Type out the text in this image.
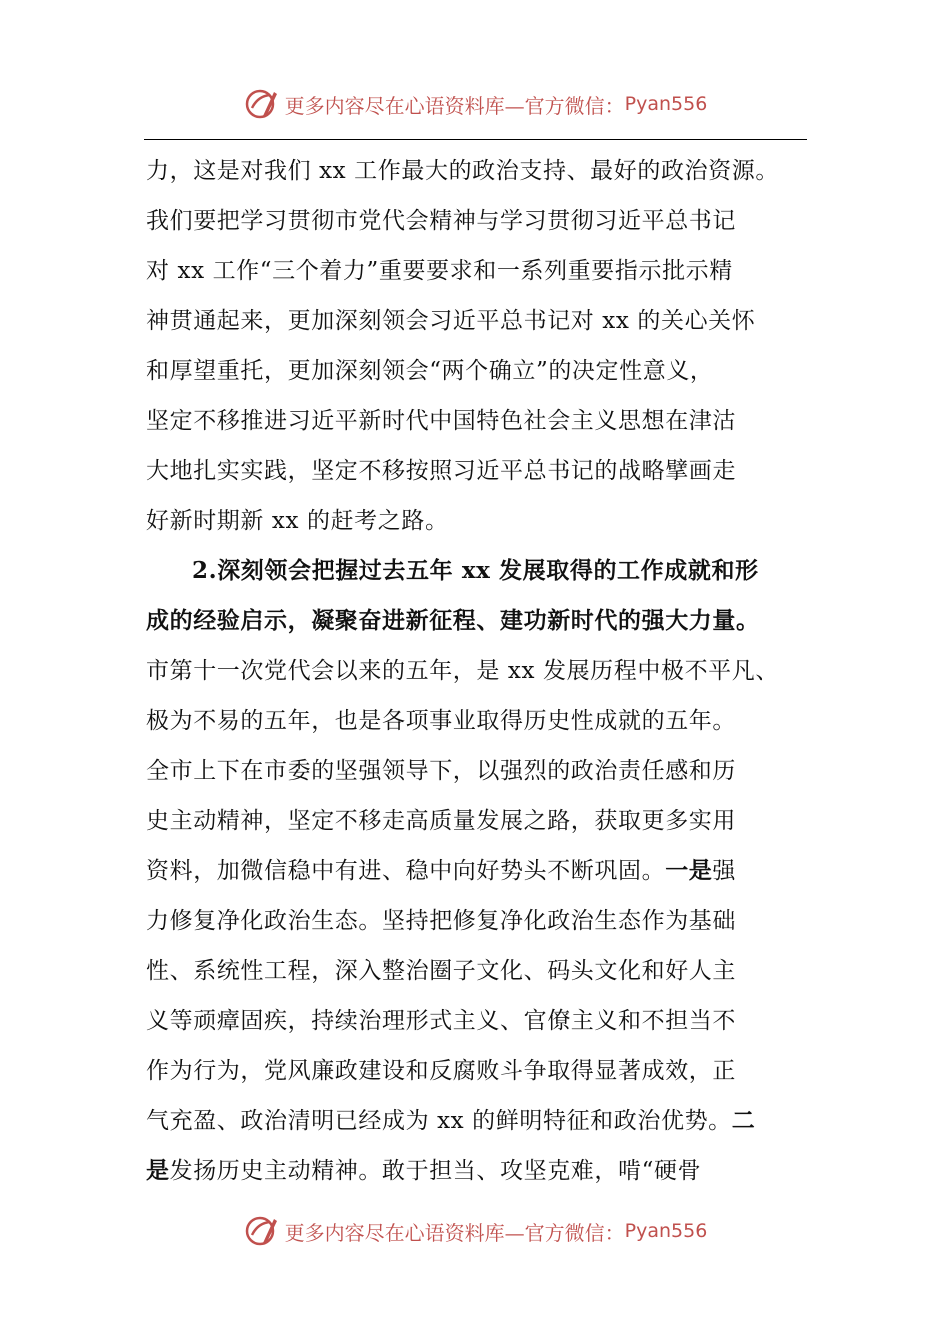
更多内容尽在心语资料库—官方微信： Pyan556
力，这是对我们 xx 工作最大的政治支持、最好的政治资源。
我们要把学习贯彻市党代会精神与学习贯彻习近平总书记
对 xx 工作“三个着力”重要要求和一系列重要指示批示精
神贯通起来，更加深刻领会习近平总书记对 xx 的关心关怀
和厚望重托，更加深刻领会“两个确立”的决定性意义，
坚定不移推进习近平新时代中国特色社会主义思想在津沽
大地扎实实践，坚定不移按照习近平总书记的战略擘画走
好新时期新 xx 的赶考之路。
2.深刻领会把握过去五年 xx 发展取得的工作成就和形
成的经验启示，凝聚奋进新征程、建功新时代的强大力量。
市第十一次党代会以来的五年，是 xx 发展历程中极不平凡、
极为不易的五年，也是各项事业取得历史性成就的五年。
全市上下在市委的坚强领导下，以强烈的政治责任感和历
史主动精神，坚定不移走高质量发展之路，获取更多实用
资料，加微信稳中有进、稳中向好势头不断巩固。一是强
力修复净化政治生态。坚持把修复净化政治生态作为基础
性、系统性工程，深入整治圈子文化、码头文化和好人主
义等顽瘴固疾，持续治理形式主义、官僚主义和不担当不
作为行为，党风廉政建设和反腐败斗争取得显著成效，正
气充盈、政治清明已经成为 xx 的鲜明特征和政治优势。二
是发扬历史主动精神。敢于担当、攻坚克难，啃“硬骨
更多内容尽在心语资料库—官方微信： Pyan556
